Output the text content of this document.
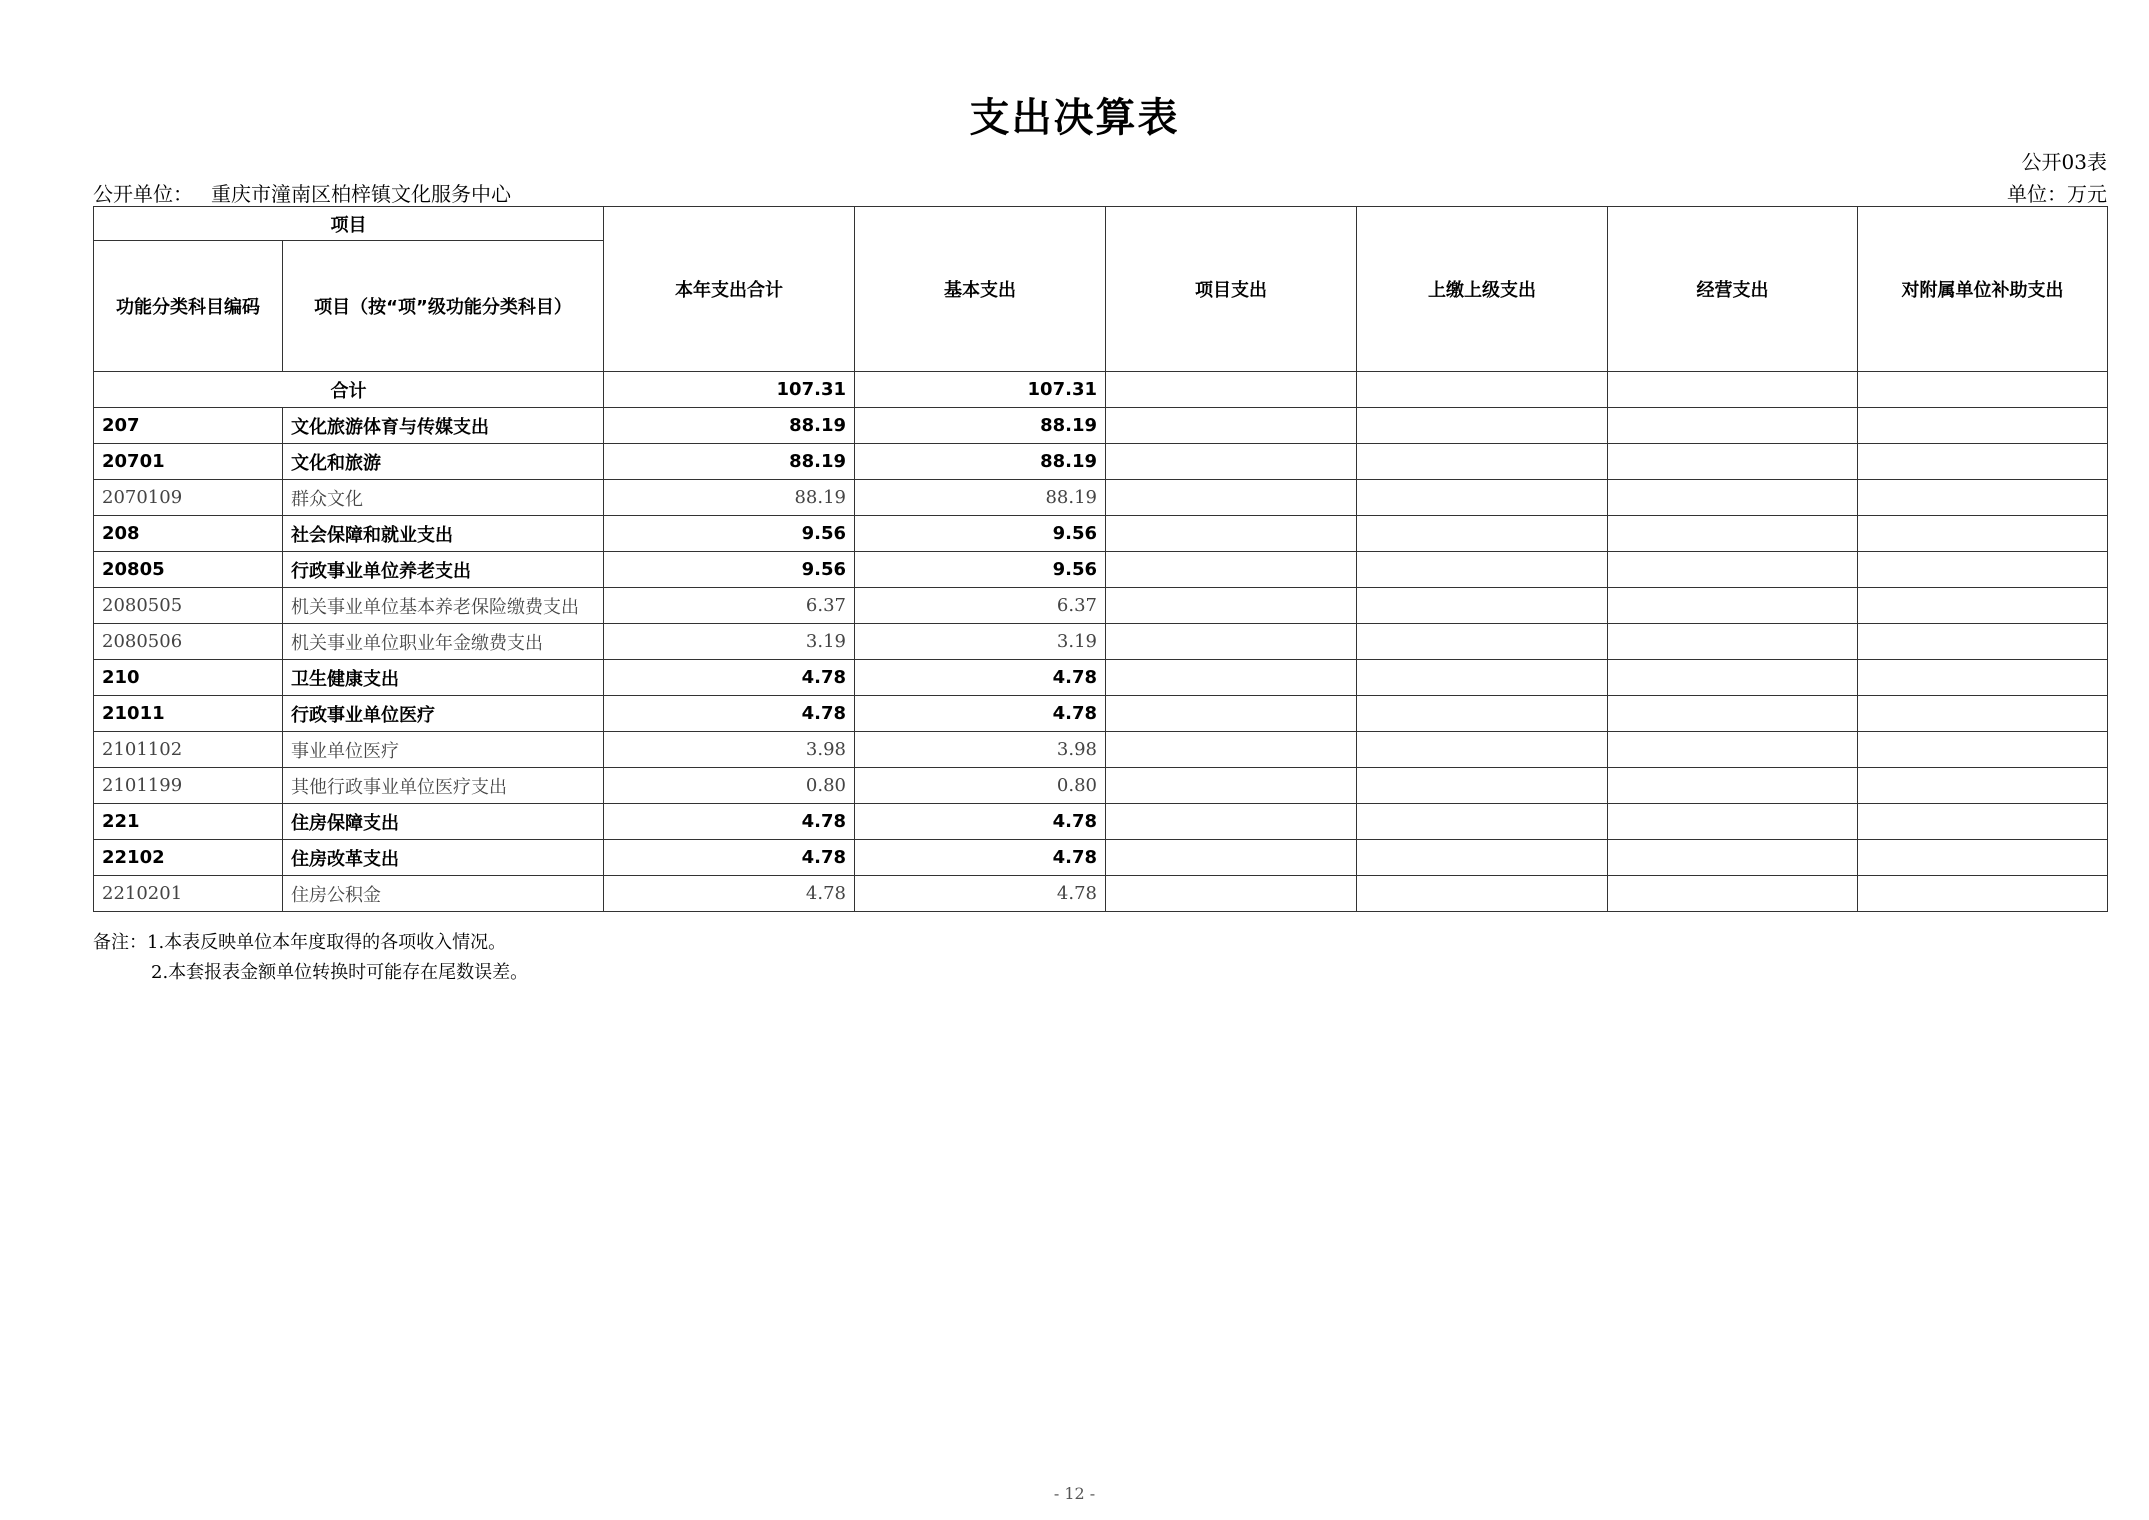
支出决算表
公开03表
公开单位： 重庆市潼南区柏梓镇文化服务中心	单位：万元
项目		本年支出合计	基本支出	项目支出	上缴上级支出	经营支出	对附属单位补助支出
功能分类科目编码	项目（按“项”级功能分类科目）						
合计		107.31	107.31				
207	文化旅游体育与传媒支出	88.19	88.19				
20701	文化和旅游	88.19	88.19				
2070109	群众文化	88.19	88.19				
208	社会保障和就业支出	9.56	9.56				
20805	行政事业单位养老支出	9.56	9.56				
2080505	机关事业单位基本养老保险缴费支出	6.37	6.37				
2080506	机关事业单位职业年金缴费支出	3.19	3.19				
210	卫生健康支出	4.78	4.78				
21011	行政事业单位医疗	4.78	4.78				
2101102	事业单位医疗	3.98	3.98				
2101199	其他行政事业单位医疗支出	0.80	0.80				
221	住房保障支出	4.78	4.78				
22102	住房改革支出	4.78	4.78				
2210201	住房公积金	4.78	4.78				
备注：1.本表反映单位本年度取得的各项收入情况。
2.本套报表金额单位转换时可能存在尾数误差。
- 12 -
